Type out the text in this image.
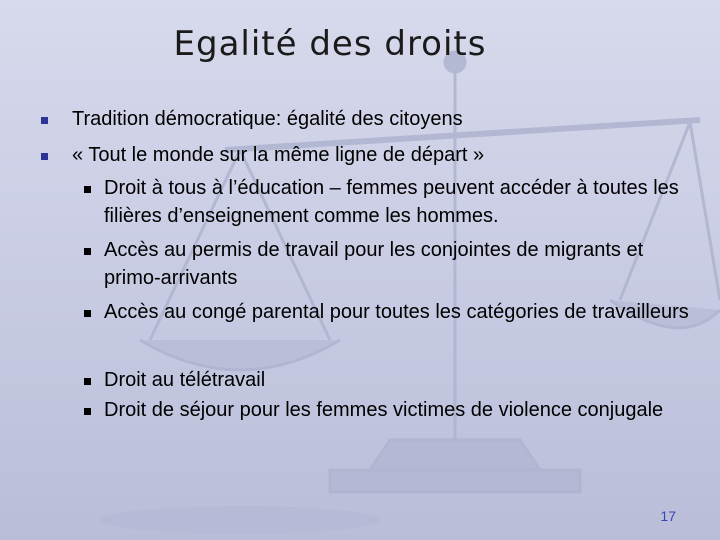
Egalité des droits
Tradition démocratique: égalité des citoyens
« Tout le monde sur la même ligne de départ »
Droit à tous à l’éducation – femmes peuvent accéder à toutes les filières d’enseignement comme les hommes.
Accès au permis de travail pour les conjointes de migrants et primo-arrivants
Accès au congé parental pour toutes les catégories de travailleurs
Droit au télétravail
Droit de séjour pour les femmes victimes de violence conjugale
17
